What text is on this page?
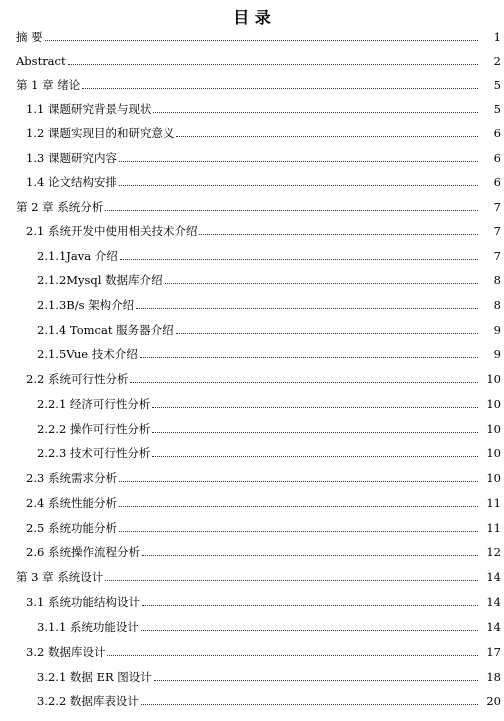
目 录
摘 要	1
Abstract	2
第 1 章 绪论	5
1.1 课题研究背景与现状	5
1.2 课题实现目的和研究意义	6
1.3 课题研究内容	6
1.4 论文结构安排	6
第 2 章 系统分析	7
2.1 系统开发中使用相关技术介绍	7
2.1.1Java 介绍	7
2.1.2Mysql 数据库介绍	8
2.1.3B/s 架构介绍	8
2.1.4 Tomcat 服务器介绍	9
2.1.5Vue 技术介绍	9
2.2 系统可行性分析	10
2.2.1 经济可行性分析	10
2.2.2 操作可行性分析	10
2.2.3 技术可行性分析	10
2.3 系统需求分析	10
2.4 系统性能分析	11
2.5 系统功能分析	11
2.6 系统操作流程分析	12
第 3 章 系统设计	14
3.1 系统功能结构设计	14
3.1.1 系统功能设计	14
3.2 数据库设计	17
3.2.1 数据 ER 图设计	18
3.2.2 数据库表设计	20
